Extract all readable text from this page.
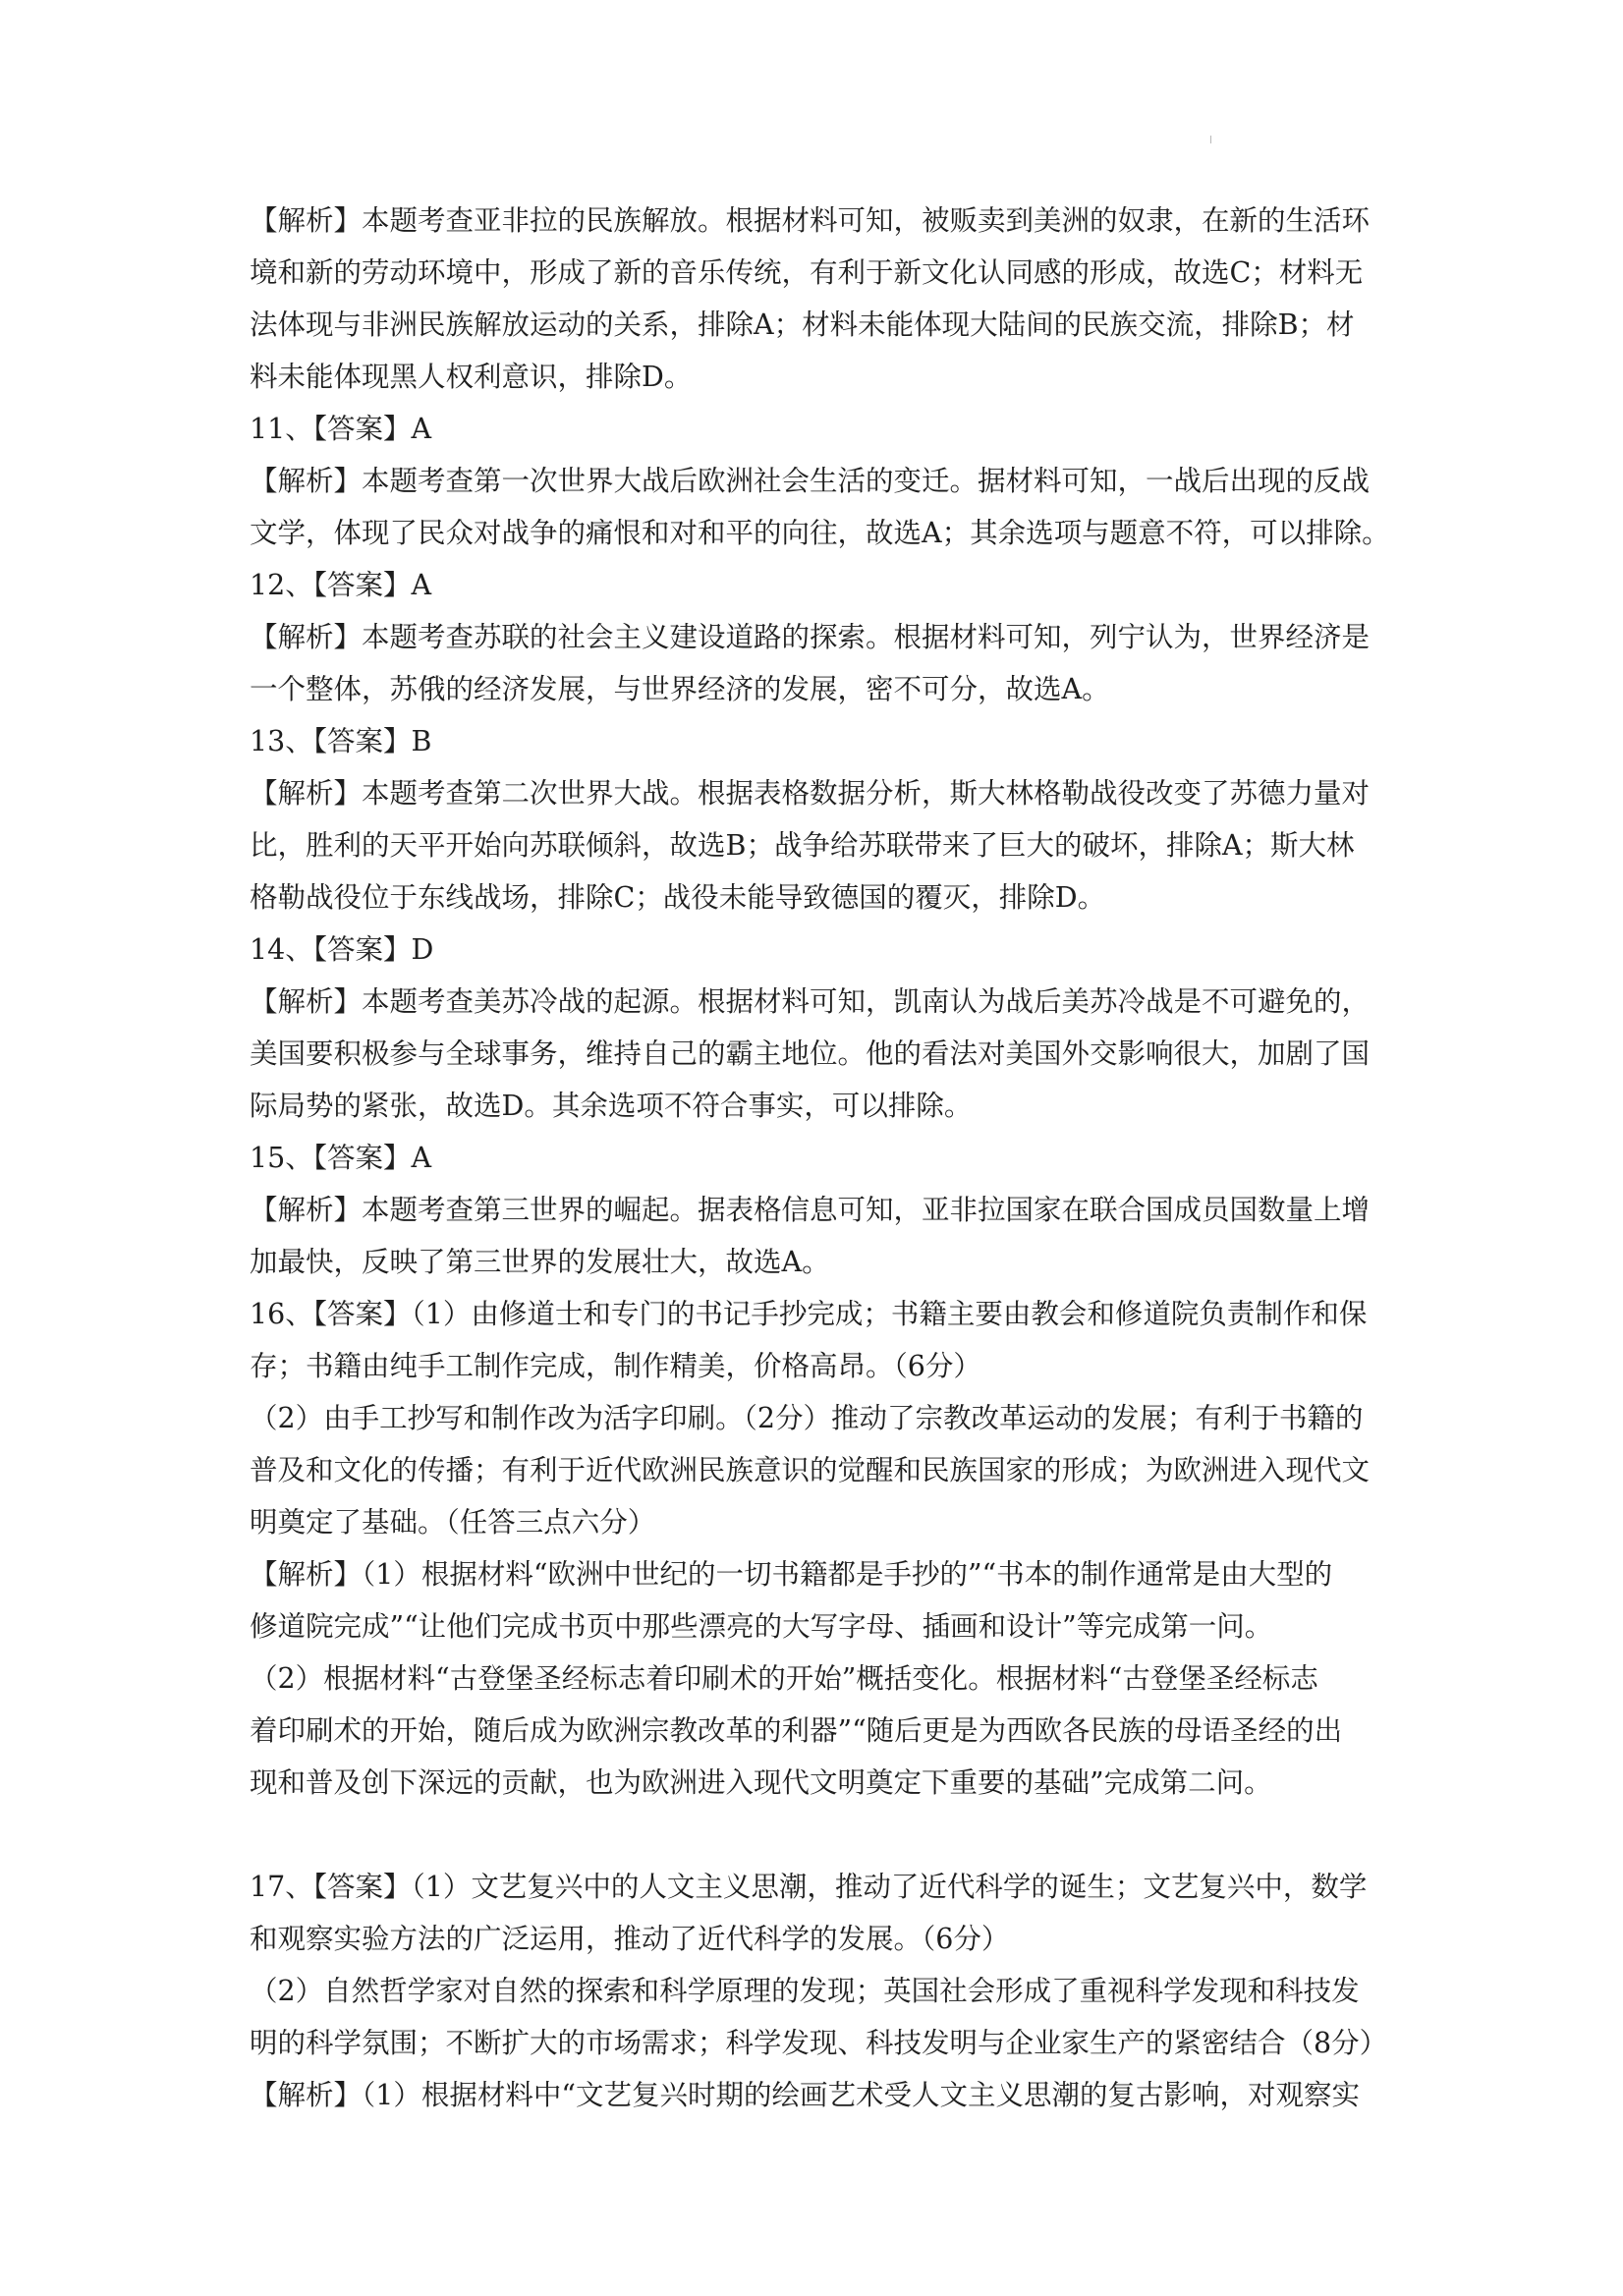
【解析】本题考查亚非拉的民族解放。根据材料可知，被贩卖到美洲的奴隶，在新的生活环
境和新的劳动环境中，形成了新的音乐传统，有利于新文化认同感的形成，故选C；材料无
法体现与非洲民族解放运动的关系，排除A；材料未能体现大陆间的民族交流，排除B；材
料未能体现黑人权利意识，排除D。
11、【答案】A
【解析】本题考查第一次世界大战后欧洲社会生活的变迁。据材料可知，一战后出现的反战
文学，体现了民众对战争的痛恨和对和平的向往，故选A；其余选项与题意不符，可以排除。
12、【答案】A
【解析】本题考查苏联的社会主义建设道路的探索。根据材料可知，列宁认为，世界经济是
一个整体，苏俄的经济发展，与世界经济的发展，密不可分，故选A。
13、【答案】B
【解析】本题考查第二次世界大战。根据表格数据分析，斯大林格勒战役改变了苏德力量对
比，胜利的天平开始向苏联倾斜，故选B；战争给苏联带来了巨大的破坏，排除A；斯大林
格勒战役位于东线战场，排除C；战役未能导致德国的覆灭，排除D。
14、【答案】D
【解析】本题考查美苏冷战的起源。根据材料可知，凯南认为战后美苏冷战是不可避免的，
美国要积极参与全球事务，维持自己的霸主地位。他的看法对美国外交影响很大，加剧了国
际局势的紧张，故选D。其余选项不符合事实，可以排除。
15、【答案】A
【解析】本题考查第三世界的崛起。据表格信息可知，亚非拉国家在联合国成员国数量上增
加最快，反映了第三世界的发展壮大，故选A。
16、【答案】（1）由修道士和专门的书记手抄完成；书籍主要由教会和修道院负责制作和保
存；书籍由纯手工制作完成，制作精美，价格高昂。（6分）
（2）由手工抄写和制作改为活字印刷。（2分）推动了宗教改革运动的发展；有利于书籍的
普及和文化的传播；有利于近代欧洲民族意识的觉醒和民族国家的形成；为欧洲进入现代文
明奠定了基础。（任答三点六分）
【解析】（1）根据材料“欧洲中世纪的一切书籍都是手抄的”“书本的制作通常是由大型的
修道院完成”“让他们完成书页中那些漂亮的大写字母、插画和设计”等完成第一问。
（2）根据材料“古登堡圣经标志着印刷术的开始”概括变化。根据材料“古登堡圣经标志
着印刷术的开始，随后成为欧洲宗教改革的利器”“随后更是为西欧各民族的母语圣经的出
现和普及创下深远的贡献，也为欧洲进入现代文明奠定下重要的基础”完成第二问。
17、【答案】（1）文艺复兴中的人文主义思潮，推动了近代科学的诞生；文艺复兴中，数学
和观察实验方法的广泛运用，推动了近代科学的发展。（6分）
（2）自然哲学家对自然的探索和科学原理的发现；英国社会形成了重视科学发现和科技发
明的科学氛围；不断扩大的市场需求；科学发现、科技发明与企业家生产的紧密结合（8分）
【解析】（1）根据材料中“文艺复兴时期的绘画艺术受人文主义思潮的复古影响，对观察实
